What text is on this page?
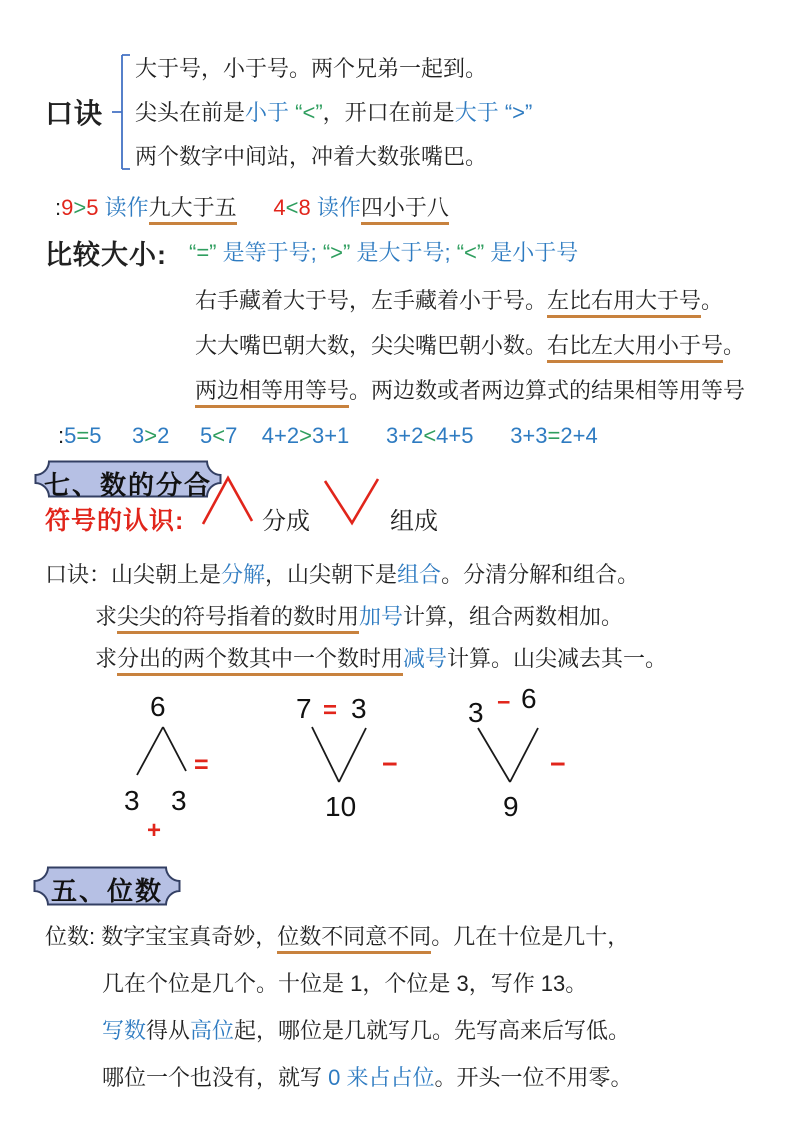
口诀
大于号，小于号。两个兄弟一起到。
尖头在前是小于 “<”，开口在前是大于 “>”
两个数字中间站，冲着大数张嘴巴。
:9>5 读作九大于五 4<8 读作四小于八
比较大小: “=” 是等于号; “>” 是大于号; “<” 是小于号
右手藏着大于号，左手藏着小于号。左比右用大于号。
大大嘴巴朝大数，尖尖嘴巴朝小数。右比左大用小于号。
两边相等用等号。两边数或者两边算式的结果相等用等号
:5=5 3>2 5<7 4+2>3+1 3+2<4+5 3+3=2+4
七、数的分合
符号的认识:	分成	组成
口诀：山尖朝上是分解，山尖朝下是组合。分清分解和组合。
求尖尖的符号指着的数时用加号计算，组合两数相加。
求分出的两个数其中一个数时用减号计算。山尖减去其一。
6
=
3 3
+
7 = 3
10
−
3 − 6
9
−
五、位数
位数: 数字宝宝真奇妙，位数不同意不同。几在十位是几十，
几在个位是几个。十位是 1，个位是 3，写作 13。
写数得从高位起，哪位是几就写几。先写高来后写低。
哪位一个也没有，就写 0 来占占位。开头一位不用零。
